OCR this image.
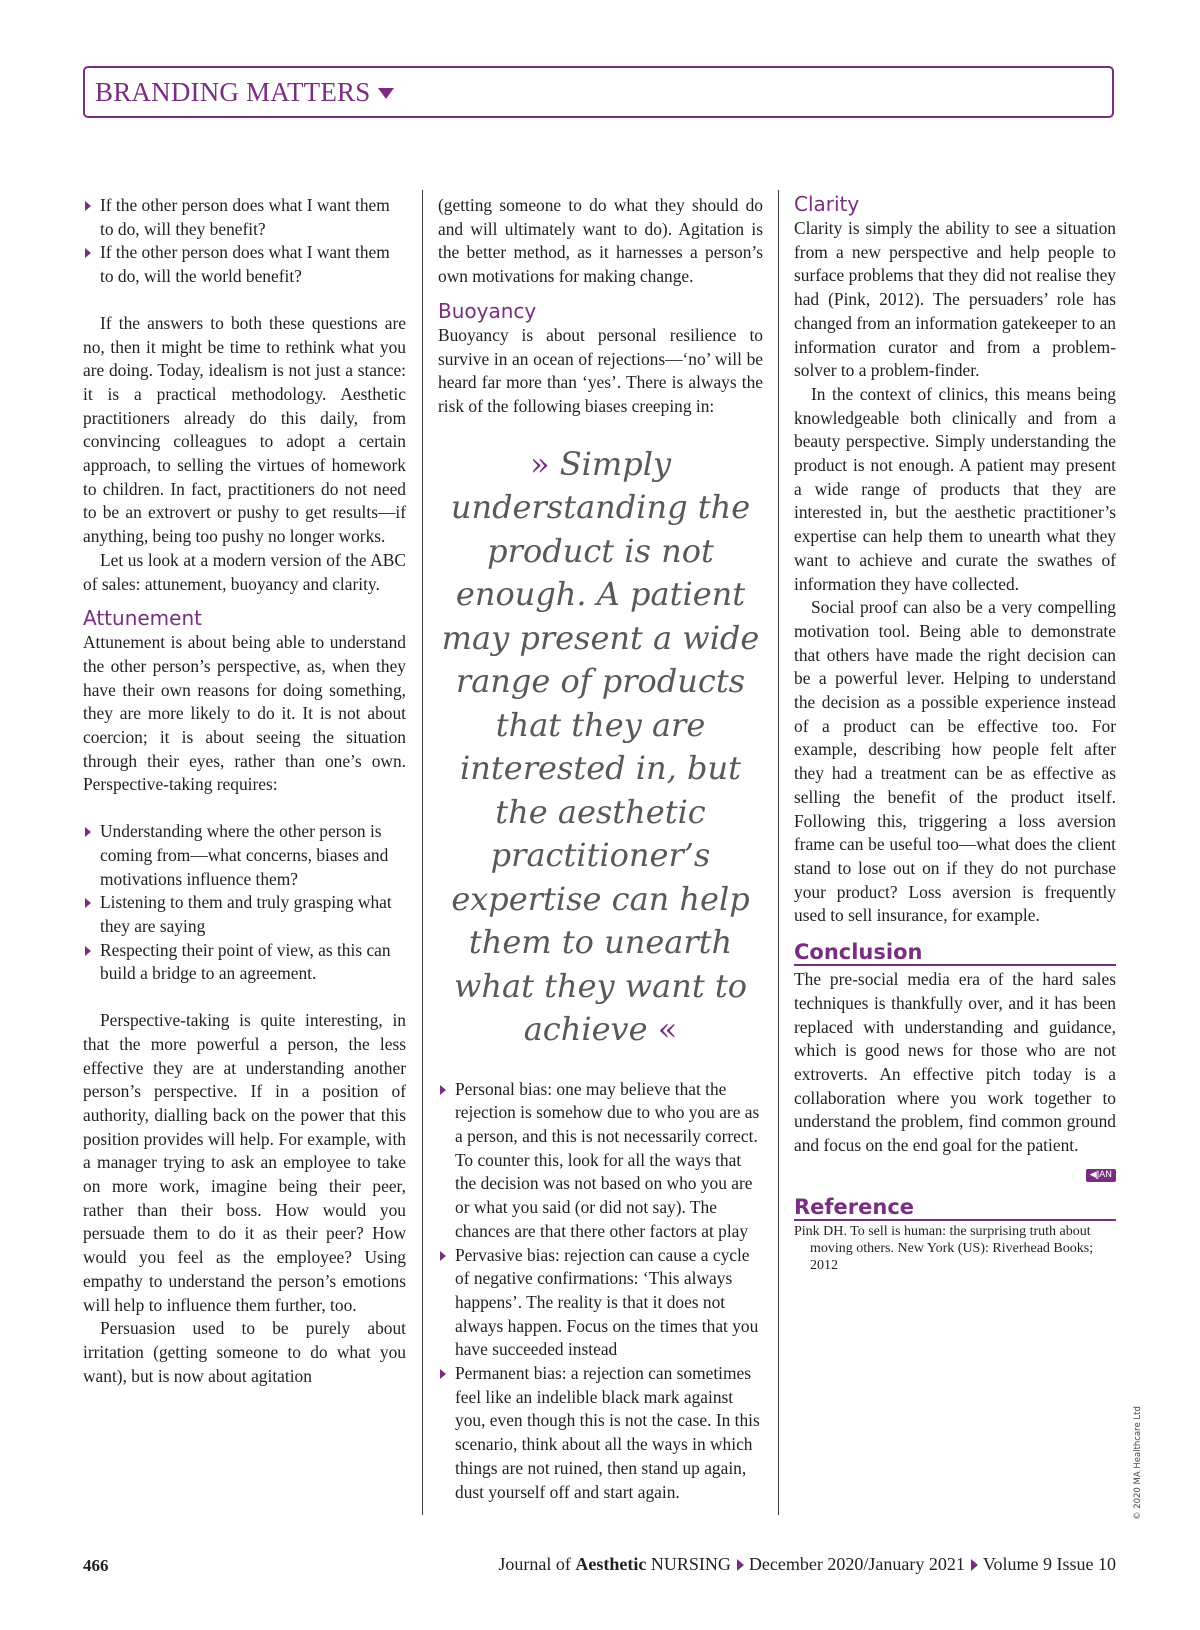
BRANDING MATTERS
If the other person does what I want them to do, will they benefit?
If the other person does what I want them to do, will the world benefit?

If the answers to both these questions are no, then it might be time to rethink what you are doing. Today, idealism is not just a stance: it is a practical methodology. Aesthetic practitioners already do this daily, from convincing colleagues to adopt a certain approach, to selling the virtues of homework to children. In fact, practitioners do not need to be an extrovert or pushy to get results—if anything, being too pushy no longer works.

Let us look at a modern version of the ABC of sales: attunement, buoyancy and clarity.

Attunement

Attunement is about being able to understand the other person’s perspective, as, when they have their own reasons for doing something, they are more likely to do it. It is not about coercion; it is about seeing the situation through their eyes, rather than one’s own. Perspective-taking requires:

Understanding where the other person is coming from—what concerns, biases and motivations influence them?
Listening to them and truly grasping what they are saying
Respecting their point of view, as this can build a bridge to an agreement.

Perspective-taking is quite interesting, in that the more powerful a person, the less effective they are at understanding another person’s perspective. If in a position of authority, dialling back on the power that this position provides will help. For example, with a manager trying to ask an employee to take on more work, imagine being their peer, rather than their boss. How would you persuade them to do it as their peer? How would you feel as the employee? Using empathy to understand the person’s emotions will help to influence them further, too.

Persuasion used to be purely about irritation (getting someone to do what you want), but is now about agitation

(getting someone to do what they should do and will ultimately want to do). Agitation is the better method, as it harnesses a person’s own motivations for making change.

Buoyancy

Buoyancy is about personal resilience to survive in an ocean of rejections—‘no’ will be heard far more than ‘yes’. There is always the risk of the following biases creeping in:

» Simply understanding the product is not enough. A patient may present a wide range of products that they are interested in, but the aesthetic practitioner’s expertise can help them to unearth what they want to achieve «
Personal bias: one may believe that the rejection is somehow due to who you are as a person, and this is not necessarily correct. To counter this, look for all the ways that the decision was not based on who you are or what you said (or did not say). The chances are that there other factors at play
Pervasive bias: rejection can cause a cycle of negative confirmations: ‘This always happens’. The reality is that it does not always happen. Focus on the times that you have succeeded instead
Permanent bias: a rejection can sometimes feel like an indelible black mark against you, even though this is not the case. In this scenario, think about all the ways in which things are not ruined, then stand up again, dust yourself off and start again.
Clarity

Clarity is simply the ability to see a situation from a new perspective and help people to surface problems that they did not realise they had (Pink, 2012). The persuaders’ role has changed from an information gatekeeper to an information curator and from a problem-solver to a problem-finder.

In the context of clinics, this means being knowledgeable both clinically and from a beauty perspective. Simply understanding the product is not enough. A patient may present a wide range of products that they are interested in, but the aesthetic practitioner’s expertise can help them to unearth what they want to achieve and curate the swathes of information they have collected.

Social proof can also be a very compelling motivation tool. Being able to demonstrate that others have made the right decision can be a powerful lever. Helping to understand the decision as a possible experience instead of a product can be effective too. For example, describing how people felt after they had a treatment can be as effective as selling the benefit of the product itself. Following this, triggering a loss aversion frame can be useful too—what does the client stand to lose out on if they do not purchase your product? Loss aversion is frequently used to sell insurance, for example.

Conclusion

The pre-social media era of the hard sales techniques is thankfully over, and it has been replaced with understanding and guidance, which is good news for those who are not extroverts. An effective pitch today is a collaboration where you work together to understand the problem, find common ground and focus on the end goal for the patient.

◀JAN
Reference

Pink DH. To sell is human: the surprising truth about moving others. New York (US): Riverhead Books; 2012

© 2020 MA Healthcare Ltd
466	Journal of
Aesthetic
NURSING December 2020/January 2021 Volume 9 Issue 10
